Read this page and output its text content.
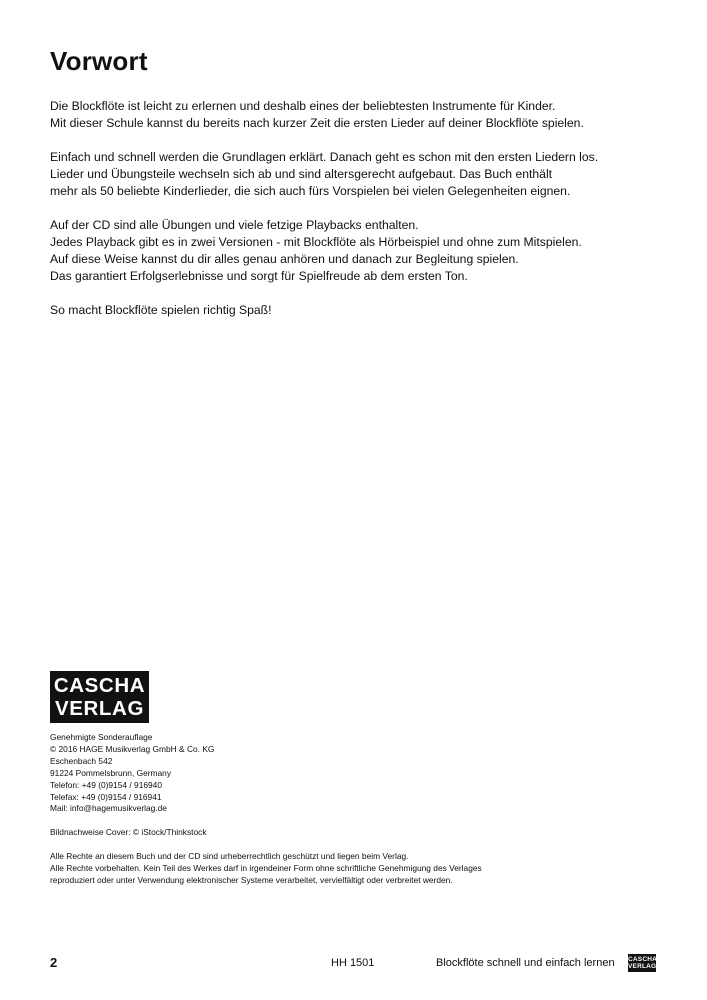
Vorwort

Die Blockflöte ist leicht zu erlernen und deshalb eines der beliebtesten Instrumente für Kinder.
Mit dieser Schule kannst du bereits nach kurzer Zeit die ersten Lieder auf deiner Blockflöte spielen.

Einfach und schnell werden die Grundlagen erklärt. Danach geht es schon mit den ersten Liedern los.
Lieder und Übungsteile wechseln sich ab und sind altersgerecht aufgebaut. Das Buch enthält
mehr als 50 beliebte Kinderlieder, die sich auch fürs Vorspielen bei vielen Gelegenheiten eignen.

Auf der CD sind alle Übungen und viele fetzige Playbacks enthalten.
Jedes Playback gibt es in zwei Versionen - mit Blockflöte als Hörbeispiel und ohne zum Mitspielen.
Auf diese Weise kannst du dir alles genau anhören und danach zur Begleitung spielen.
Das garantiert Erfolgserlebnisse und sorgt für Spielfreude ab dem ersten Ton.

So macht Blockflöte spielen richtig Spaß!

CASCHA
VERLAG
Genehmigte Sonderauflage
© 2016 HAGE Musikverlag GmbH & Co. KG
Eschenbach 542
91224 Pommelsbrunn, Germany
Telefon: +49 (0)9154 / 916940
Telefax: +49 (0)9154 / 916941
Mail: info@hagemusikverlag.de
Bildnachweise Cover: © iStock/Thinkstock
Alle Rechte an diesem Buch und der CD sind urheberrechtlich geschützt und liegen beim Verlag.
Alle Rechte vorbehalten. Kein Teil des Werkes darf in irgendeiner Form ohne schriftliche Genehmigung des Verlages
reproduziert oder unter Verwendung elektronischer Systeme verarbeitet, vervielfältigt oder verbreitet werden.
2	HH 1501	Blockflöte schnell und einfach lernen CASCHA
VERLAG
